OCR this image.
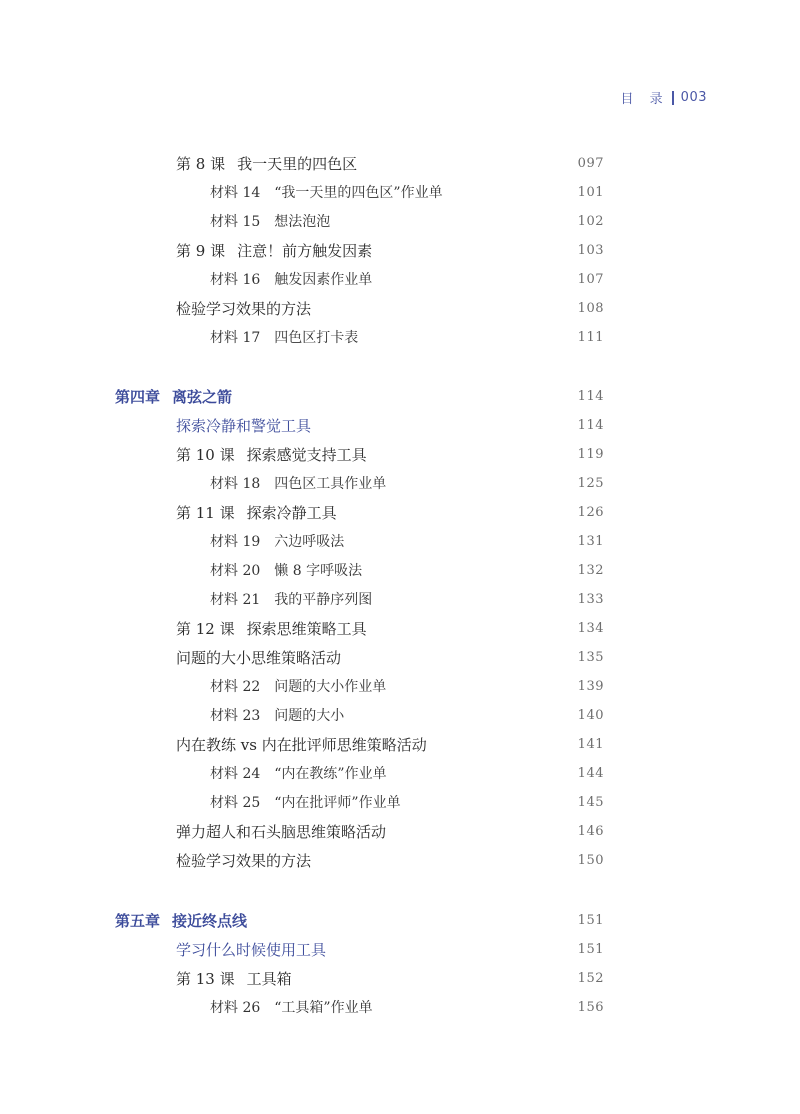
目 录 003
第 8 课 我一天里的四色区	097
材料 14 “我一天里的四色区”作业单	101
材料 15 想法泡泡	102
第 9 课 注意！前方触发因素	103
材料 16 触发因素作业单	107
检验学习效果的方法	108
材料 17 四色区打卡表	111
第四章 离弦之箭	114
探索冷静和警觉工具	114
第 10 课 探索感觉支持工具	119
材料 18 四色区工具作业单	125
第 11 课 探索冷静工具	126
材料 19 六边呼吸法	131
材料 20 懒 8 字呼吸法	132
材料 21 我的平静序列图	133
第 12 课 探索思维策略工具	134
问题的大小思维策略活动	135
材料 22 问题的大小作业单	139
材料 23 问题的大小	140
内在教练 vs 内在批评师思维策略活动	141
材料 24 “内在教练”作业单	144
材料 25 “内在批评师”作业单	145
弹力超人和石头脑思维策略活动	146
检验学习效果的方法	150
第五章 接近终点线	151
学习什么时候使用工具	151
第 13 课 工具箱	152
材料 26 “工具箱”作业单	156
